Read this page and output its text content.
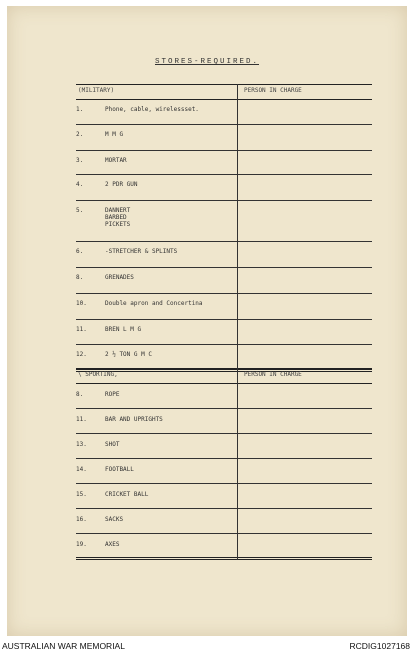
STORES-REQUIRED.
(MILITARY)	PERSON IN CHARGE
1.	Phone, cable, wirelessset.
2.	M M G
3.	MORTAR
4.	2 PDR GUN
5.	DANNERT
BARBED
PICKETS
6.	-STRETCHER & SPLINTS
8.	GRENADES
10.	Double apron and Concertina
11.	BREN L M G
12.	2 ½ TON G M C
\ SPORTING,	PERSON IN CHARGE
8.	ROPE
11.	BAR AND UPRIGHTS
13.	SHOT
14.	FOOTBALL
15.	CRICKET BALL
16.	SACKS
19.	AXES
AUSTRALIAN WAR MEMORIAL	RCDIG1027168
